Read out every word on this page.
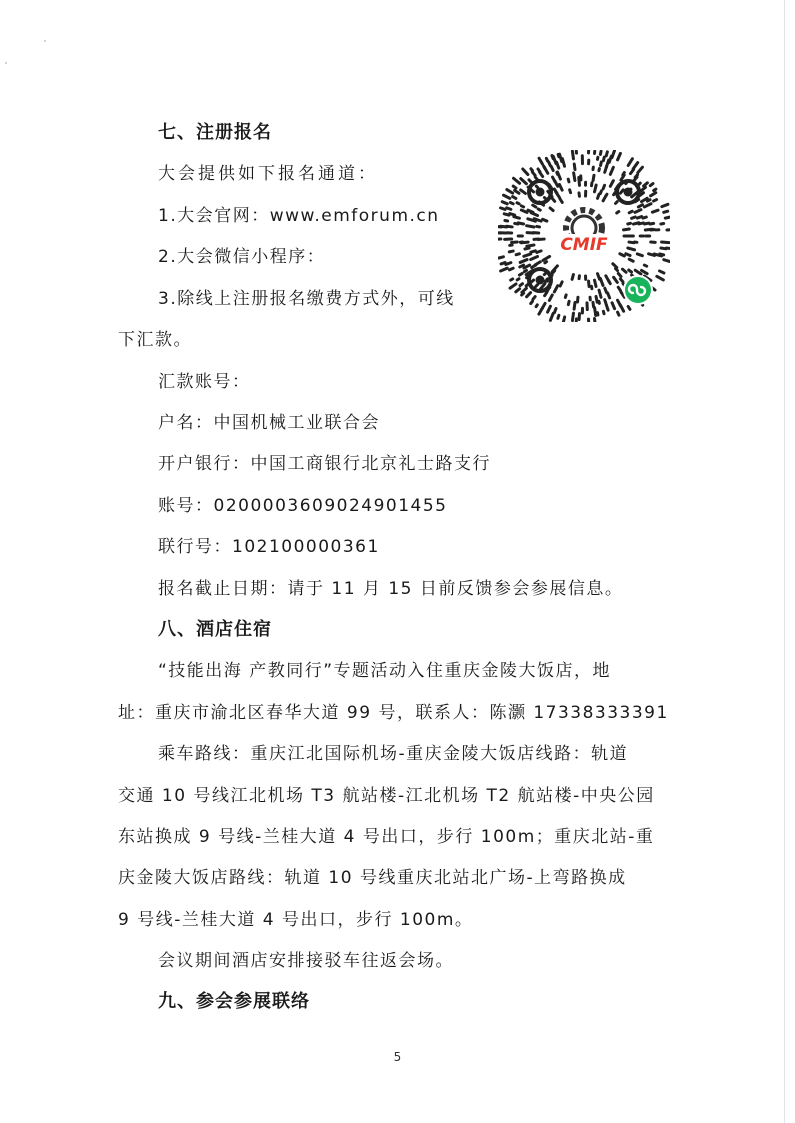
七、注册报名
大会提供如下报名通道：
1.大会官网：www.emforum.cn
2.大会微信小程序：
3.除线上注册报名缴费方式外，可线
下汇款。
汇款账号：
户名：中国机械工业联合会
开户银行：中国工商银行北京礼士路支行
账号：0200003609024901455
联行号：102100000361
报名截止日期：请于 11 月 15 日前反馈参会参展信息。
CMIF
八、酒店住宿
“技能出海 产教同行”专题活动入住重庆金陵大饭店，地
址：重庆市渝北区春华大道 99 号，联系人：陈灏 17338333391
乘车路线：重庆江北国际机场-重庆金陵大饭店线路：轨道
交通 10 号线江北机场 T3 航站楼-江北机场 T2 航站楼-中央公园
东站换成 9 号线-兰桂大道 4 号出口，步行 100m；重庆北站-重
庆金陵大饭店路线：轨道 10 号线重庆北站北广场-上弯路换成
9 号线-兰桂大道 4 号出口，步行 100m。
会议期间酒店安排接驳车往返会场。
九、参会参展联络
5
